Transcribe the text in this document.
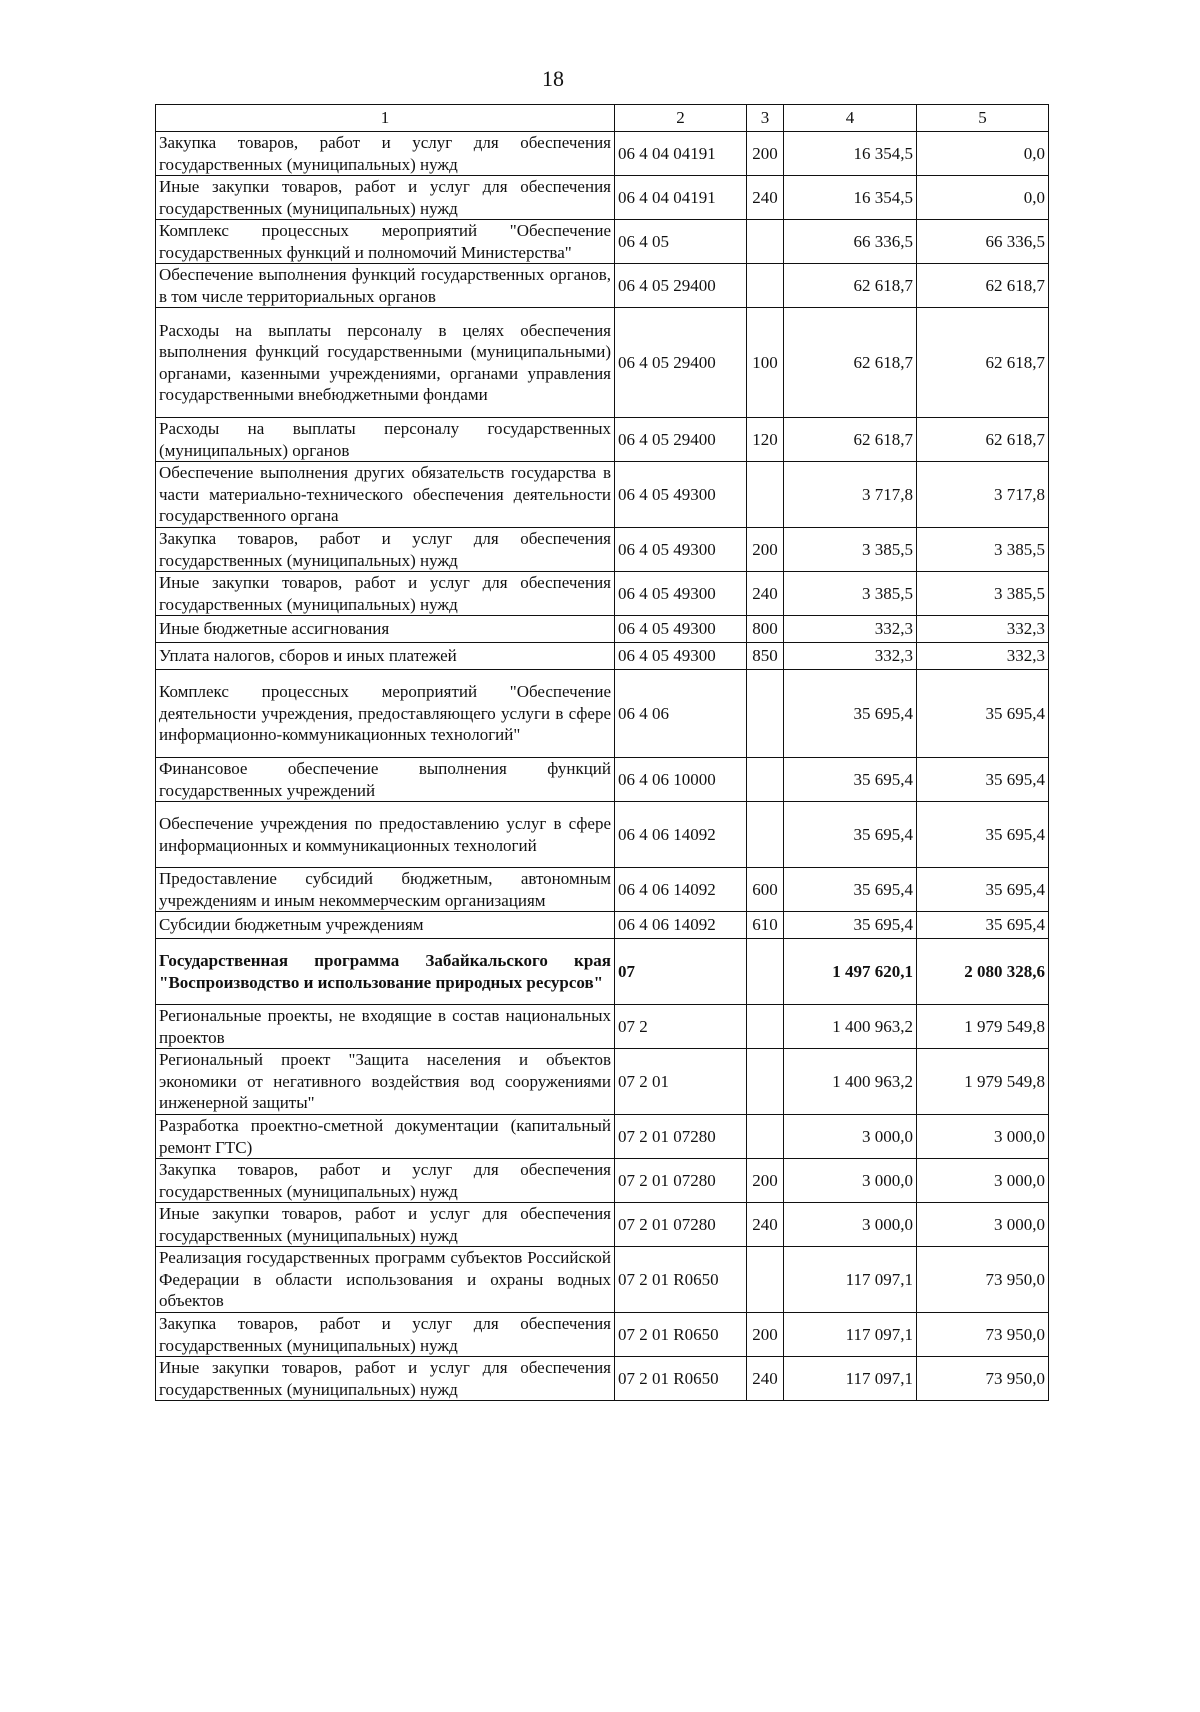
18
1	2	3	4	5
Закупка товаров, работ и услуг для обеспечения государственных (муниципальных) нужд	06 4 04 04191	200	16 354,5	0,0
Иные закупки товаров, работ и услуг для обеспечения государственных (муниципальных) нужд	06 4 04 04191	240	16 354,5	0,0
Комплекс процессных мероприятий "Обеспечение государственных функций и полномочий Министерства"	06 4 05		66 336,5	66 336,5
Обеспечение выполнения функций государственных органов, в том числе территориальных органов	06 4 05 29400		62 618,7	62 618,7
Расходы на выплаты персоналу в целях обеспечения выполнения функций государственными (муниципальными) органами, казенными учреждениями, органами управления государственными внебюджетными фондами	06 4 05 29400	100	62 618,7	62 618,7
Расходы на выплаты персоналу государственных (муниципальных) органов	06 4 05 29400	120	62 618,7	62 618,7
Обеспечение выполнения других обязательств государства в части материально-технического обеспечения деятельности государственного органа	06 4 05 49300		3 717,8	3 717,8
Закупка товаров, работ и услуг для обеспечения государственных (муниципальных) нужд	06 4 05 49300	200	3 385,5	3 385,5
Иные закупки товаров, работ и услуг для обеспечения государственных (муниципальных) нужд	06 4 05 49300	240	3 385,5	3 385,5
Иные бюджетные ассигнования	06 4 05 49300	800	332,3	332,3
Уплата налогов, сборов и иных платежей	06 4 05 49300	850	332,3	332,3
Комплекс процессных мероприятий "Обеспечение деятельности учреждения, предоставляющего услуги в сфере информационно-коммуникационных технологий"	06 4 06		35 695,4	35 695,4
Финансовое обеспечение выполнения функций государственных учреждений	06 4 06 10000		35 695,4	35 695,4
Обеспечение учреждения по предоставлению услуг в сфере информационных и коммуникационных технологий	06 4 06 14092		35 695,4	35 695,4
Предоставление субсидий бюджетным, автономным учреждениям и иным некоммерческим организациям	06 4 06 14092	600	35 695,4	35 695,4
Субсидии бюджетным учреждениям	06 4 06 14092	610	35 695,4	35 695,4
Государственная программа Забайкальского края "Воспроизводство и использование природных ресурсов"	07		1 497 620,1	2 080 328,6
Региональные проекты, не входящие в состав национальных проектов	07 2		1 400 963,2	1 979 549,8
Региональный проект "Защита населения и объектов экономики от негативного воздействия вод сооружениями инженерной защиты"	07 2 01		1 400 963,2	1 979 549,8
Разработка проектно-сметной документации (капитальный ремонт ГТС)	07 2 01 07280		3 000,0	3 000,0
Закупка товаров, работ и услуг для обеспечения государственных (муниципальных) нужд	07 2 01 07280	200	3 000,0	3 000,0
Иные закупки товаров, работ и услуг для обеспечения государственных (муниципальных) нужд	07 2 01 07280	240	3 000,0	3 000,0
Реализация государственных программ субъектов Российской Федерации в области использования и охраны водных объектов	07 2 01 R0650		117 097,1	73 950,0
Закупка товаров, работ и услуг для обеспечения государственных (муниципальных) нужд	07 2 01 R0650	200	117 097,1	73 950,0
Иные закупки товаров, работ и услуг для обеспечения государственных (муниципальных) нужд	07 2 01 R0650	240	117 097,1	73 950,0
